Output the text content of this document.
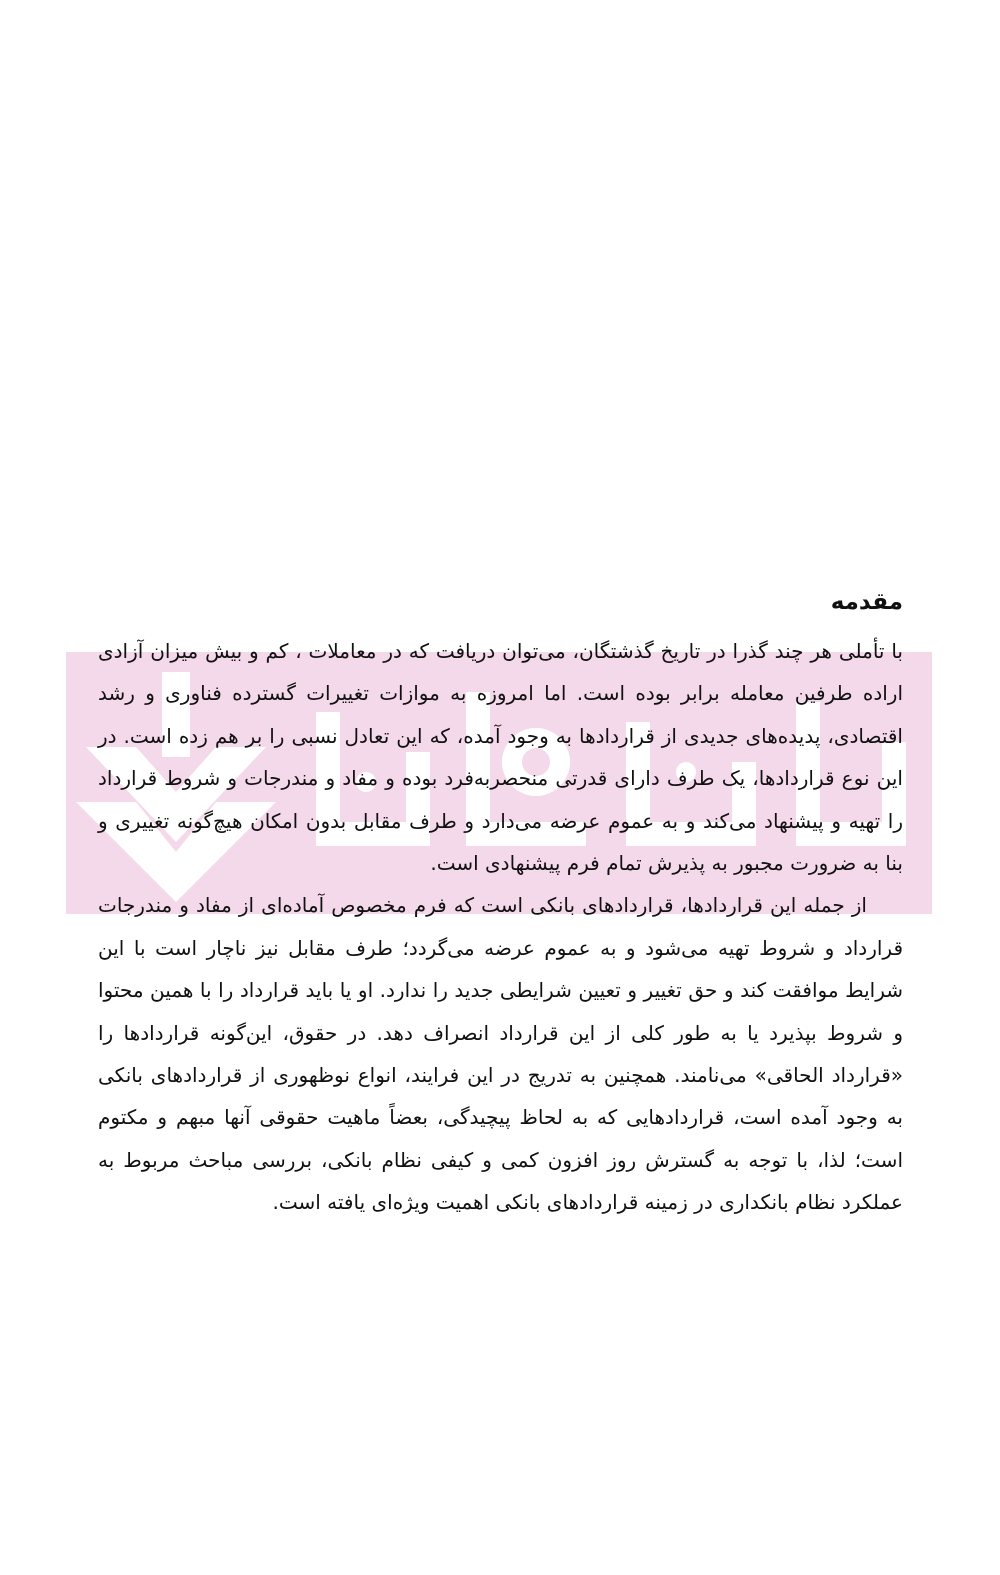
مقدمه

با تأملی هر چند گذرا در تاریخ گذشتگان، می‌توان دریافت که در معاملات ، کم و بیش میزان آزادی اراده طرفین معامله برابر بوده است. اما امروزه به موازات تغییرات گسترده فناوری و رشد اقتصادی، پدیده‌های جدیدی از قراردادها به وجود آمده، که این تعادل نسبی را بر هم زده است. در این نوع قراردادها، یک طرف دارای قدرتی منحصربه‌فرد بوده و مفاد و مندرجات و شروط قرارداد را تهیه و پیشنهاد می‌کند و به عموم عرضه می‌دارد و طرف مقابل بدون امکان هیچ‌گونه تغییری و بنا به ضرورت مجبور به پذیرش تمام فرم پیشنهادی است.

از جمله این قراردادها، قراردادهای بانکی است که فرم مخصوص آماده‌ای از مفاد و مندرجات قرارداد و شروط تهیه می‌شود و به عموم عرضه می‌گردد؛ طرف مقابل نیز ناچار است با این شرایط موافقت کند و حق تغییر و تعیین شرایطی جدید را ندارد. او یا باید قرارداد را با همین محتوا و شروط بپذیرد یا به طور کلی از این قرارداد انصراف دهد. در حقوق، این‌گونه قراردادها را «قرارداد الحاقی» می‌نامند. همچنین به تدریج در این فرایند، انواع نوظهوری از قراردادهای بانکی به وجود آمده است، قراردادهایی که به لحاظ پیچیدگی، بعضاً ماهیت حقوقی آنها مبهم و مکتوم است؛ لذا، با توجه به گسترش روز افزون کمی و کیفی نظام بانکی، بررسی مباحث مربوط به عملکرد نظام بانکداری در زمینه قراردادهای بانکی اهمیت ویژه‌ای یافته است.
